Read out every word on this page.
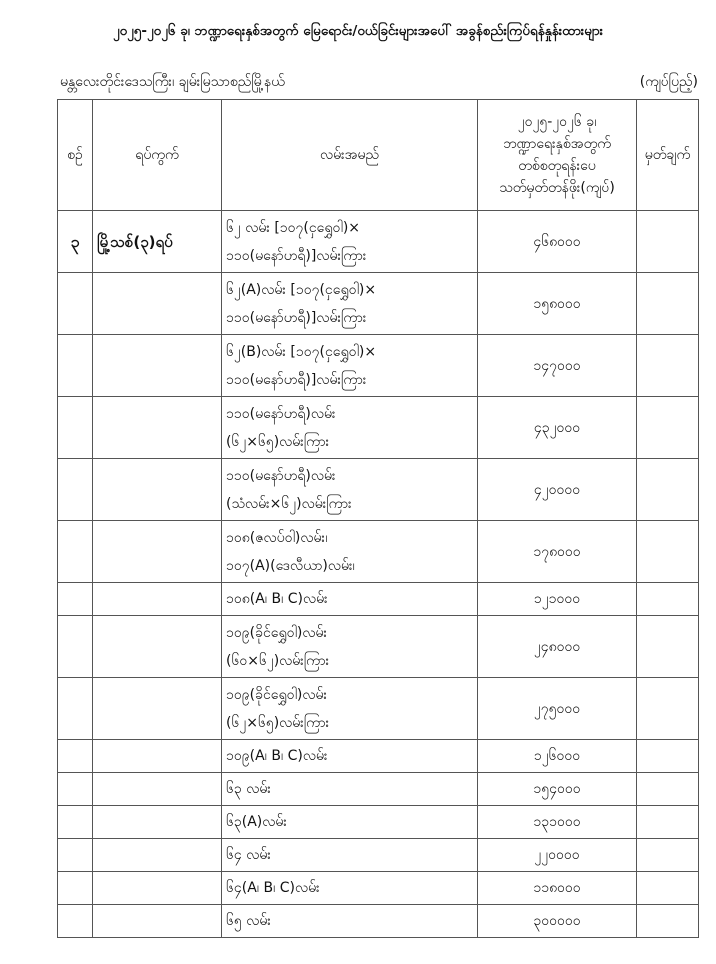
၂၀၂၅-၂၀၂၆ ခု၊ ဘဏ္ဍာရေးနှစ်အတွက် မြေရောင်း/ဝယ်ခြင်းများအပေါ် အခွန်စည်းကြပ်ရန်နှုန်းထားများ
မန္တလေးတိုင်းဒေသကြီး၊ ချမ်းမြသာစည်မြို့နယ်	(ကျပ်ပြည့်)
စဉ်	ရပ်ကွက်	လမ်းအမည်	၂၀၂၅-၂၀၂၆ ခု၊
ဘဏ္ဍာရေးနှစ်အတွက်
တစ်စတုရန်းပေ
သတ်မှတ်တန်ဖိုး(ကျပ်)	မှတ်ချက်
၃	မြို့သစ်(၃)ရပ်	၆၂ လမ်း [၁၀၇(ငှရွှေဝါ)×
၁၁၀(မနော်ဟရီ)]လမ်းကြား	၄၆၈၀၀၀	

		၆၂(A)လမ်း [၁၀၇(ငှရွှေဝါ)×
၁၁၀(မနော်ဟရီ)]လမ်းကြား	၁၅၈၀၀၀	

		၆၂(B)လမ်း [၁၀၇(ငှရွှေဝါ)×
၁၁၀(မနော်ဟရီ)]လမ်းကြား	၁၄၇၀၀၀	

		၁၁၀(မနော်ဟရီ)လမ်း
(၆၂×၆၅)လမ်းကြား	၄၃၂၀၀၀	

		၁၁၀(မနော်ဟရီ)လမ်း
(သံလမ်း×၆၂)လမ်းကြား	၄၂၀၀၀၀	

		၁၀၈(ဇလပ်ဝါ)လမ်း၊
၁၀၇(A)(ဒေလီယာ)လမ်း၊	၁၇၈၀၀၀	

		၁၀၈(A၊ B၊ C)လမ်း	၁၂၁၀၀၀	

		၁၀၉(ခိုင်ရွှေဝါ)လမ်း
(၆၀×၆၂)လမ်းကြား	၂၄၈၀၀၀	

		၁၀၉(ခိုင်ရွှေဝါ)လမ်း
(၆၂×၆၅)လမ်းကြား	၂၇၅၀၀၀	

		၁၀၉(A၊ B၊ C)လမ်း	၁၂၆၀၀၀	

		၆၃ လမ်း	၁၅၄၀၀၀	

		၆၃(A)လမ်း	၁၃၁၀၀၀	

		၆၄ လမ်း	၂၂၀၀၀၀	

		၆၄(A၊ B၊ C)လမ်း	၁၁၈၀၀၀	

		၆၅ လမ်း	၃၀၀၀၀၀	
